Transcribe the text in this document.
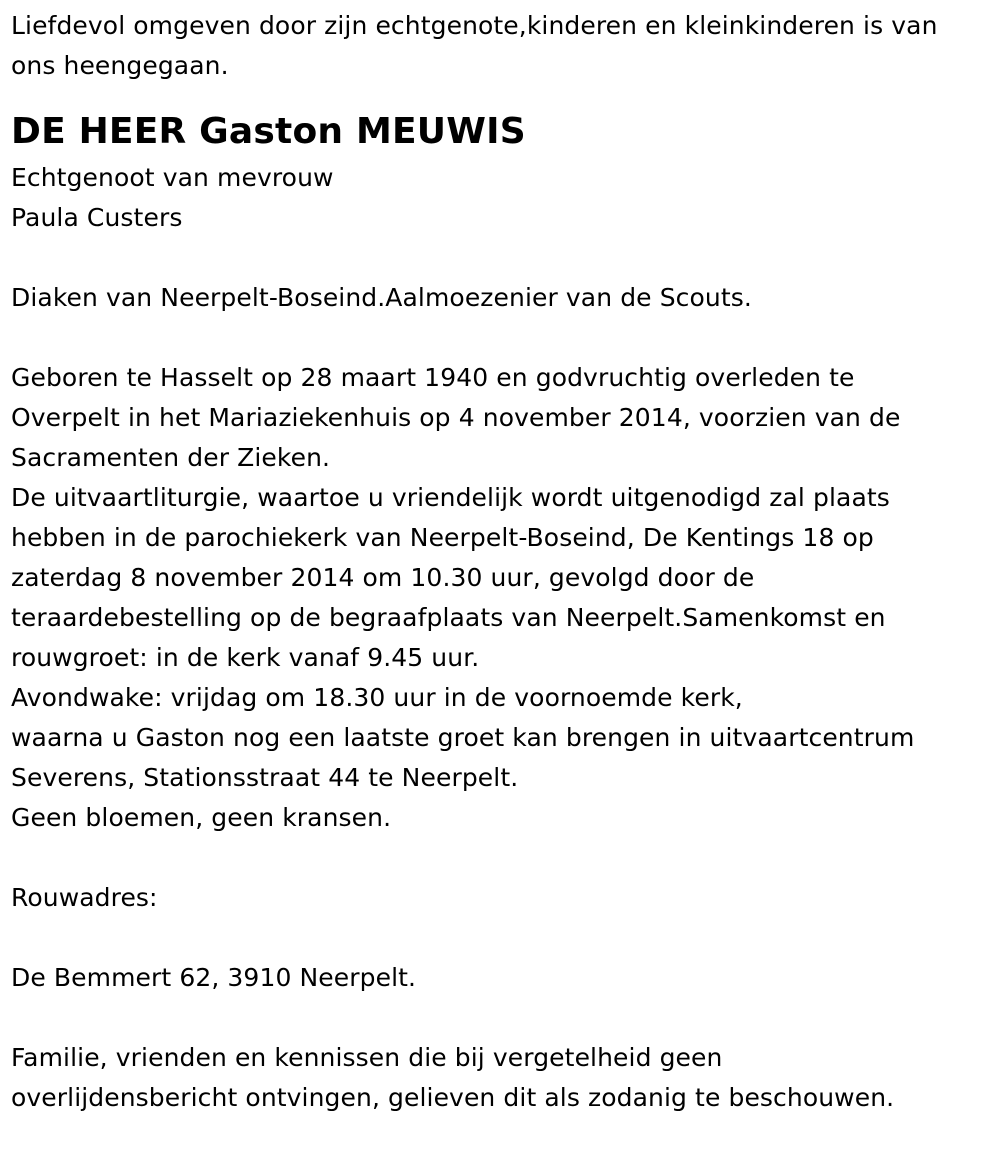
Liefdevol omgeven door zijn echtgenote,kinderen en kleinkinderen is van
ons heengegaan.
DE HEER Gaston MEUWIS
Echtgenoot van mevrouw
Paula Custers
Diaken van Neerpelt-Boseind.Aalmoezenier van de Scouts.
Geboren te Hasselt op 28 maart 1940 en godvruchtig overleden te
Overpelt in het Mariaziekenhuis op 4 november 2014, voorzien van de
Sacramenten der Zieken.
De uitvaartliturgie, waartoe u vriendelijk wordt uitgenodigd zal plaats
hebben in de parochiekerk van Neerpelt-Boseind, De Kentings 18 op
zaterdag 8 november 2014 om 10.30 uur, gevolgd door de
teraardebestelling op de begraafplaats van Neerpelt.Samenkomst en
rouwgroet: in de kerk vanaf 9.45 uur.
Avondwake: vrijdag om 18.30 uur in de voornoemde kerk,
waarna u Gaston nog een laatste groet kan brengen in uitvaartcentrum
Severens, Stationsstraat 44 te Neerpelt.
Geen bloemen, geen kransen.
Rouwadres:
De Bemmert 62, 3910 Neerpelt.
Familie, vrienden en kennissen die bij vergetelheid geen
overlijdensbericht ontvingen, gelieven dit als zodanig te beschouwen.
